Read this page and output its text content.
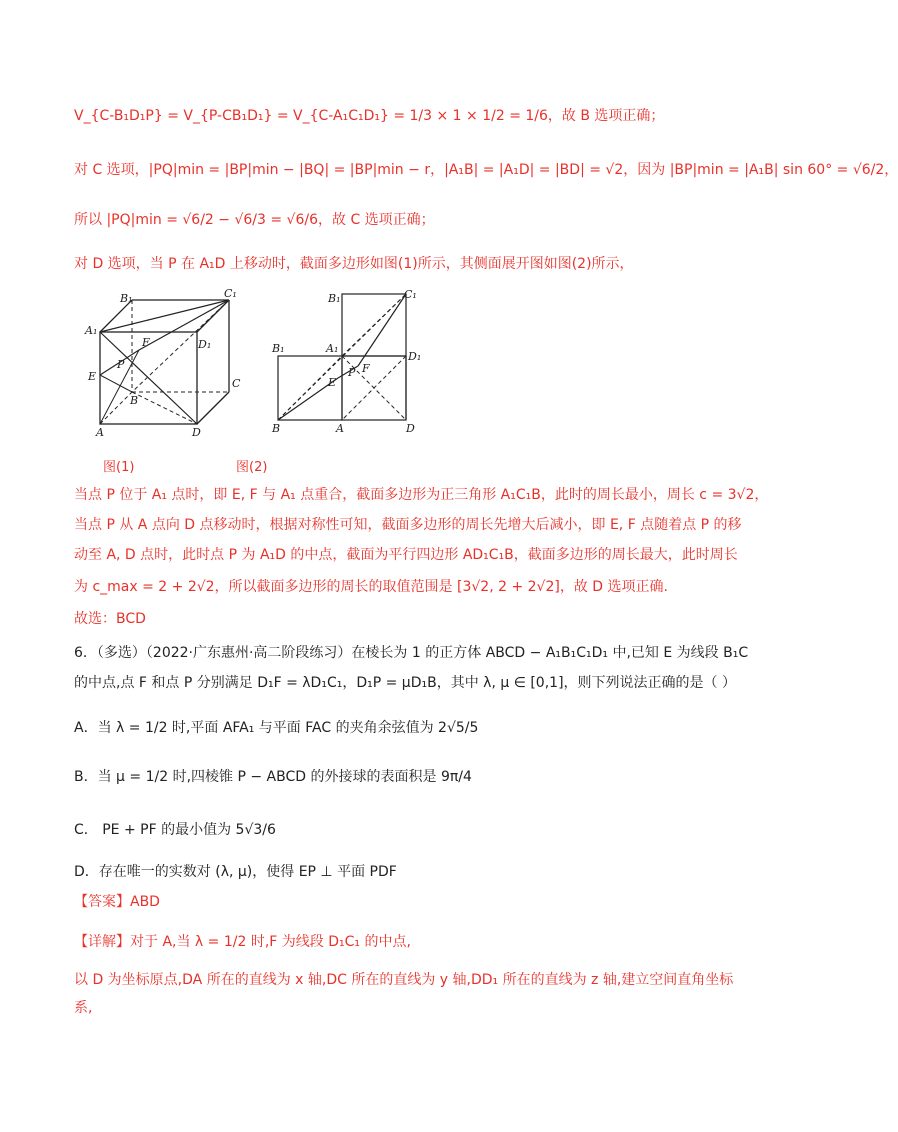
V_{C-B₁D₁P} = V_{P-CB₁D₁} = V_{C-A₁C₁D₁} = 1/3 × 1 × 1/2 = 1/6，故 B 选项正确；
对 C 选项，|PQ|min = |BP|min − |BQ| = |BP|min − r，|A₁B| = |A₁D| = |BD| = √2，因为 |BP|min = |A₁B| sin 60° = √6/2，
所以 |PQ|min = √6/2 − √6/3 = √6/6，故 C 选项正确；
对 D 选项，当 P 在 A₁D 上移动时，截面多边形如图(1)所示，其侧面展开图如图(2)所示，
B₁	C₁
A₁
F	D₁
P
E
C
B
A	D
B₁	C₁
B₁	A₁
D₁
P F
E
B	A	D
图(1)	图(2)
当点 P 位于 A₁ 点时，即 E, F 与 A₁ 点重合，截面多边形为正三角形 A₁C₁B，此时的周长最小，周长 c = 3√2，
当点 P 从 A 点向 D 点移动时，根据对称性可知，截面多边形的周长先增大后减小，即 E, F 点随着点 P 的移
动至 A, D 点时，此时点 P 为 A₁D 的中点，截面为平行四边形 AD₁C₁B，截面多边形的周长最大，此时周长
为 c_max = 2 + 2√2，所以截面多边形的周长的取值范围是 [3√2, 2 + 2√2]，故 D 选项正确.
故选：BCD
6．（多选）（2022·广东惠州·高二阶段练习）在棱长为 1 的正方体 ABCD − A₁B₁C₁D₁ 中,已知 E 为线段 B₁C
的中点,点 F 和点 P 分别满足 D₁F = λD₁C₁，D₁P = μD₁B，其中 λ, μ ∈ [0,1]，则下列说法正确的是（ ）
A．当 λ = 1/2 时,平面 AFA₁ 与平面 FAC 的夹角余弦值为 2√5/5
B．当 μ = 1/2 时,四棱锥 P − ABCD 的外接球的表面积是 9π/4
C． PE + PF 的最小值为 5√3/6
D．存在唯一的实数对 (λ, μ)，使得 EP ⊥ 平面 PDF
【答案】ABD
【详解】对于 A,当 λ = 1/2 时,F 为线段 D₁C₁ 的中点,
以 D 为坐标原点,DA 所在的直线为 x 轴,DC 所在的直线为 y 轴,DD₁ 所在的直线为 z 轴,建立空间直角坐标
系,
